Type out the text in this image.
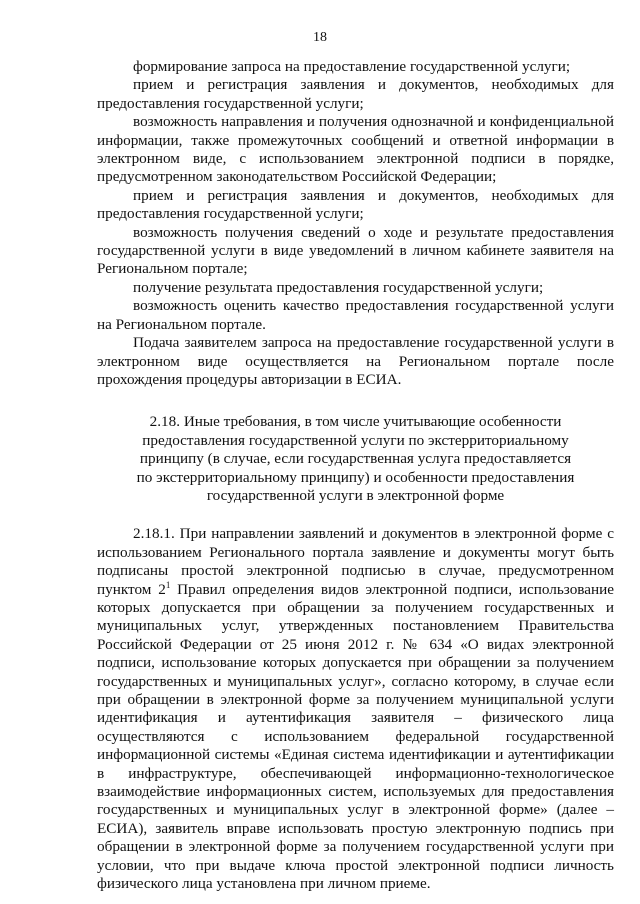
18

формирование запроса на предоставление государственной услуги;

прием и регистрация заявления и документов, необходимых для предоставления государственной услуги;

возможность направления и получения однозначной и конфиденциальной информации, также промежуточных сообщений и ответной информации в электронном виде, с использованием электронной подписи в порядке, предусмотренном законодательством Российской Федерации;

прием и регистрация заявления и документов, необходимых для предоставления государственной услуги;

возможность получения сведений о ходе и результате предоставления государственной услуги в виде уведомлений в личном кабинете заявителя на Региональном портале;

получение результата предоставления государственной услуги;

возможность оценить качество предоставления государственной услуги на Региональном портале.

Подача заявителем запроса на предоставление государственной услуги в электронном виде осуществляется на Региональном портале после прохождения процедуры авторизации в ЕСИА.

2.18. Иные требования, в том числе учитывающие особенности

предоставления государственной услуги по экстерриториальному

принципу (в случае, если государственная услуга предоставляется

по экстерриториальному принципу) и особенности предоставления

государственной услуги в электронной форме

2.18.1. При направлении заявлений и документов в электронной форме с использованием Регионального портала заявление и документы могут быть подписаны простой электронной подписью в случае, предусмотренном пунктом $2^1$ Правил определения видов электронной подписи, использование которых допускается при обращении за получением государственных и муниципальных услуг, утвержденных постановлением Правительства Российской Федерации от 25 июня 2012 г. № 634 «О видах электронной подписи, использование которых допускается при обращении за получением государственных и муниципальных услуг», согласно которому, в случае если при обращении в электронной форме за получением муниципальной услуги идентификация и аутентификация заявителя – физического лица осуществляются с использованием федеральной государственной информационной системы «Единая система идентификации и аутентификации в инфраструктуре, обеспечивающей информационно-технологическое взаимодействие информационных систем, используемых для предоставления государственных и муниципальных услуг в электронной форме» (далее – ЕСИА), заявитель вправе использовать простую электронную подпись при обращении в электронной форме за получением государственной услуги при условии, что при выдаче ключа простой электронной подписи личность физического лица установлена при личном приеме.
